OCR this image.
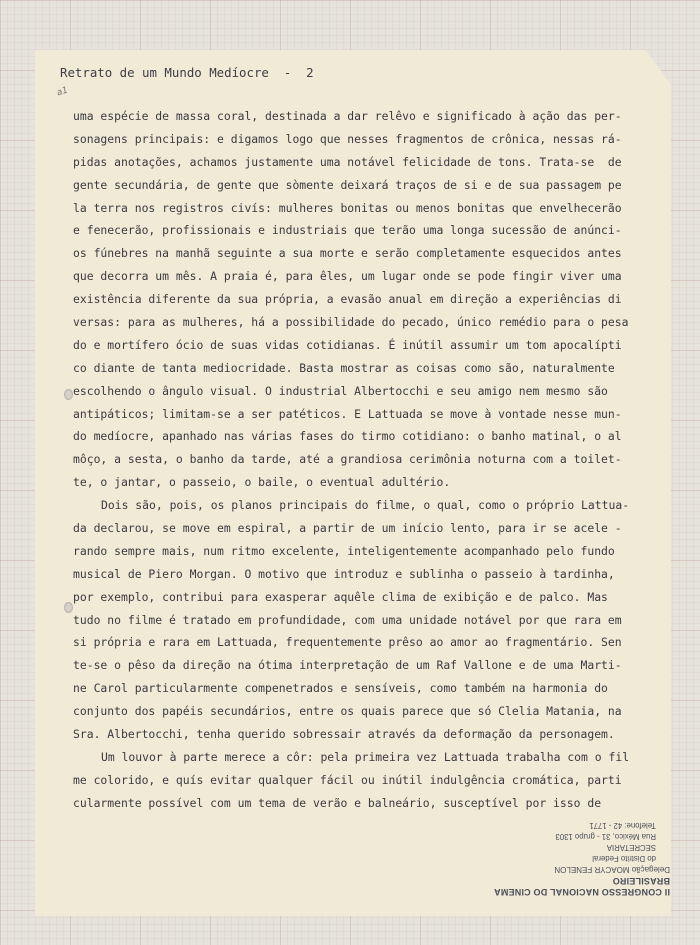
Retrato de um Mundo Medíocre  -  2
a1
uma espécie de massa coral, destinada a dar relêvo e significado à ação das per-
sonagens principais: e digamos logo que nesses fragmentos de crônica, nessas rá-
pidas anotações, achamos justamente uma notável felicidade de tons. Trata-se  de
gente secundária, de gente que sòmente deixará traços de si e de sua passagem pe
la terra nos registros civís: mulheres bonitas ou menos bonitas que envelhecerão
e fenecerão, profissionais e industriais que terão uma longa sucessão de anúnci-
os fúnebres na manhã seguinte a sua morte e serão completamente esquecidos antes
que decorra um mês. A praia é, para êles, um lugar onde se pode fingir viver uma
existência diferente da sua própria, a evasão anual em direção a experiências di
versas: para as mulheres, há a possibilidade do pecado, único remédio para o pesa
do e mortífero ócio de suas vidas cotidianas. É inútil assumir um tom apocalípti
co diante de tanta mediocridade. Basta mostrar as coisas como são, naturalmente
escolhendo o ângulo visual. O industrial Albertocchi e seu amigo nem mesmo são
antipáticos; limitam-se a ser patéticos. E Lattuada se move à vontade nesse mun-
do medíocre, apanhado nas várias fases do tirmo cotidiano: o banho matinal, o al
môço, a sesta, o banho da tarde, até a grandiosa cerimônia noturna com a toilet-
te, o jantar, o passeio, o baile, o eventual adultério.
Dois são, pois, os planos principais do filme, o qual, como o próprio Lattua-
da declarou, se move em espiral, a partir de um início lento, para ir se acele -
rando sempre mais, num ritmo excelente, inteligentemente acompanhado pelo fundo
musical de Piero Morgan. O motivo que introduz e sublinha o passeio à tardinha,
por exemplo, contribui para exasperar aquêle clima de exibição e de palco. Mas
tudo no filme é tratado em profundidade, com uma unidade notável por que rara em
si própria e rara em Lattuada, frequentemente prêso ao amor ao fragmentário. Sen
te-se o pêso da direção na ótima interpretação de um Raf Vallone e de uma Marti-
ne Carol particularmente compenetrados e sensíveis, como também na harmonia do
conjunto dos papéis secundários, entre os quais parece que só Clelia Matania, na
Sra. Albertocchi, tenha querido sobressair através da deformação da personagem.
Um louvor à parte merece a côr: pela primeira vez Lattuada trabalha com o fil
me colorido, e quís evitar qualquer fácil ou inútil indulgência cromática, parti
cularmente possível com um tema de verão e balneário, susceptível por isso de
II CONGRESSO NACIONAL DO CINEMA BRASILEIRO
Delegação MOACYR FENELON
do Distrito Federal
SECRETARIA
Rua México, 31 - grupo 1303
Telefone: 42 - 1771
